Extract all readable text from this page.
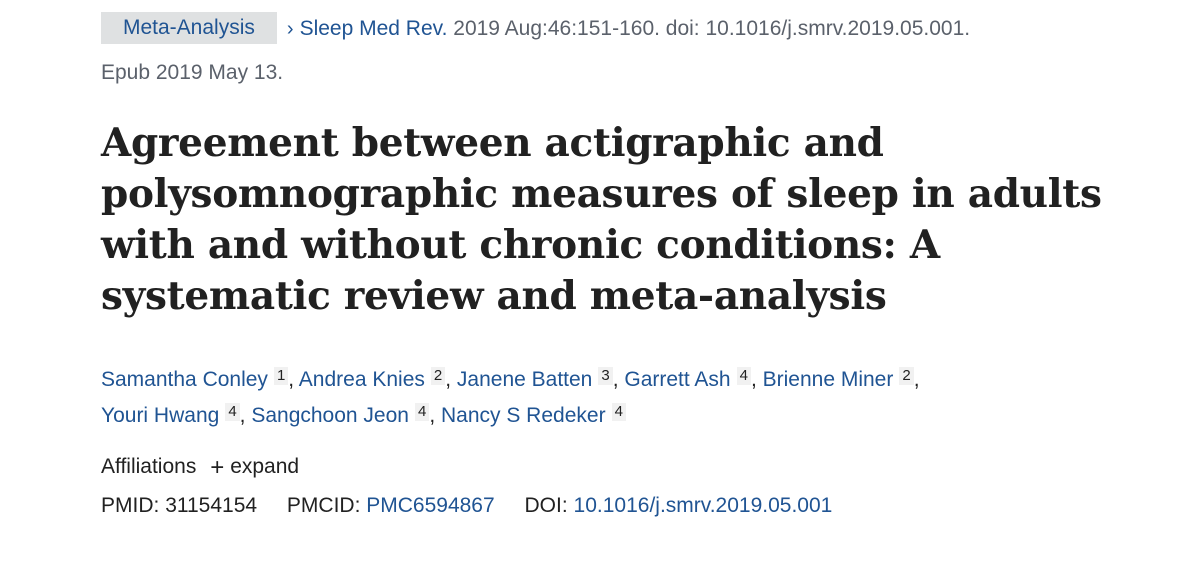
Meta-Analysis › Sleep Med Rev. 2019 Aug:46:151-160. doi: 10.1016/j.smrv.2019.05.001.
Epub 2019 May 13.
Agreement between actigraphic and polysomnographic measures of sleep in adults with and without chronic conditions: A systematic review and meta-analysis
Samantha Conley 1 , Andrea Knies 2 , Janene Batten 3 , Garrett Ash 4 , Brienne Miner 2 ,
Youri Hwang 4 , Sangchoon Jeon 4 , Nancy S Redeker 4
Affiliations + expand
PMID: 31154154 PMCID: PMC6594867 DOI: 10.1016/j.smrv.2019.05.001
